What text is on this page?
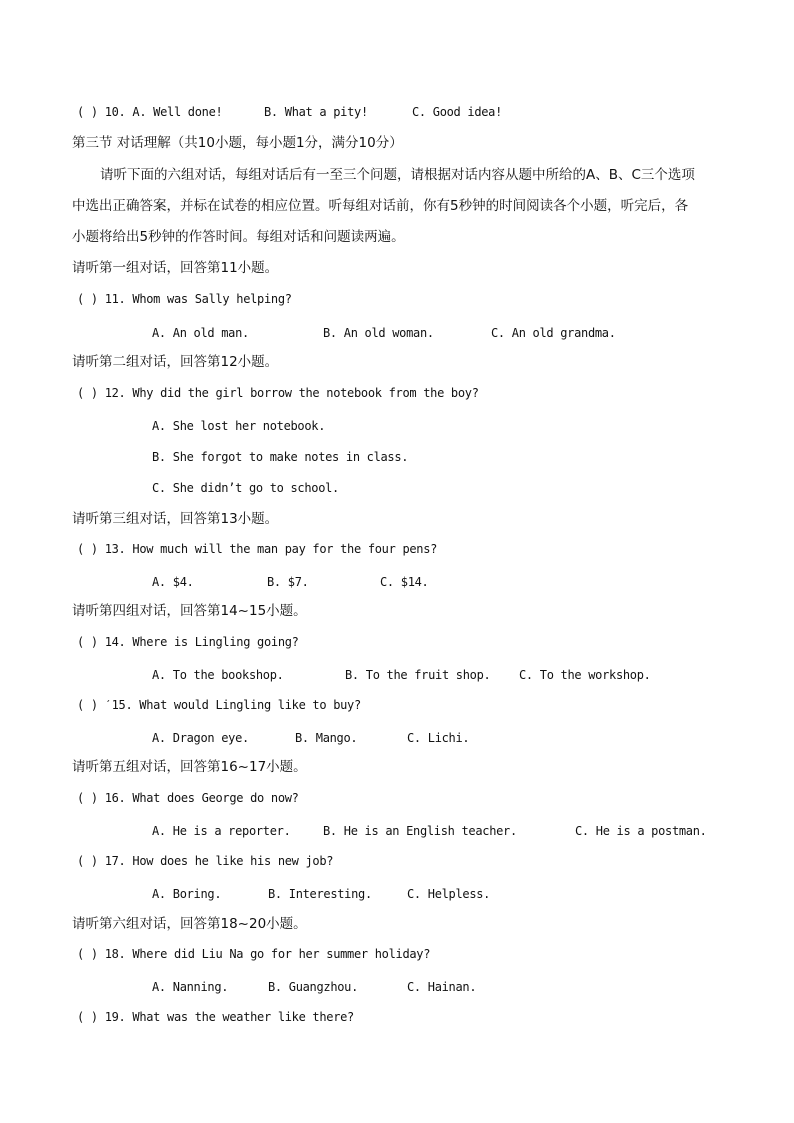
( ) 10. A. Well done!	B. What a pity!	C. Good idea!
第三节 对话理解（共10小题，每小题1分，满分10分）
请听下面的六组对话，每组对话后有一至三个问题，请根据对话内容从题中所给的A、B、C三个选项
中选出正确答案，并标在试卷的相应位置。听每组对话前，你有5秒钟的时间阅读各个小题，听完后，各
小题将给出5秒钟的作答时间。每组对话和问题读两遍。
请听第一组对话，回答第11小题。
( ) 11. Whom was Sally helping?
A. An old man.	B. An old woman.	C. An old grandma.
请听第二组对话，回答第12小题。
( ) 12. Why did the girl borrow the notebook from the boy?
A. She lost her notebook.
B. She forgot to make notes in class.
C. She didn’t go to school.
请听第三组对话，回答第13小题。
( ) 13. How much will the man pay for the four pens?
A. $4.	B. $7.	C. $14.
请听第四组对话，回答第14~15小题。
( ) 14. Where is Lingling going?
A. To the bookshop.	B. To the fruit shop. C. To the workshop.
( ) ˊ15. What would Lingling like to buy?
A. Dragon eye.	B. Mango.	C. Lichi.
请听第五组对话，回答第16~17小题。
( ) 16. What does George do now?
A. He is a reporter.	B. He is an English teacher.	C. He is a postman.
( ) 17. How does he like his new job?
A. Boring.	B. Interesting.	C. Helpless.
请听第六组对话，回答第18~20小题。
( ) 18. Where did Liu Na go for her summer holiday?
A. Nanning.	B. Guangzhou.	C. Hainan.
( ) 19. What was the weather like there?
